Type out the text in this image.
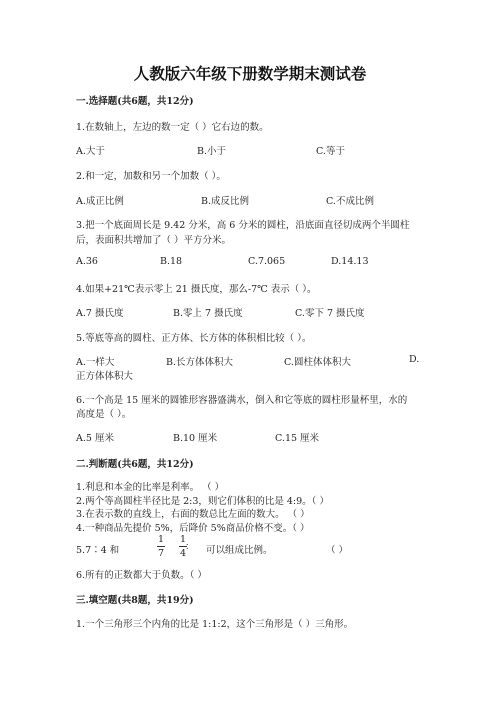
人教版六年级下册数学期末测试卷
一.选择题(共6题，共12分)
1.在数轴上，左边的数一定（ ）它右边的数。
A.大于	B.小于	C.等于
2.和一定，加数和另一个加数（ ）。
A.成正比例	B.成反比例	C.不成比例
3.把一个底面周长是 9.42 分米，高 6 分米的圆柱，沿底面直径切成两个半圆柱
后，表面积共增加了（ ）平方分米。
A.36	B.18	C.7.065	D.14.13
4.如果+21℃表示零上 21 摄氏度，那么-7℃ 表示（ ）。
A.7 摄氏度	B.零上 7 摄氏度	C.零下 7 摄氏度
5.等底等高的圆柱、正方体、长方体的体积相比较（ ）。
A.一样大	B.长方体体积大	C.圆柱体体积大	D.
正方体体积大
6.一个高是 15 厘米的圆锥形容器盛满水，倒入和它等底的圆柱形量杯里，水的
高度是（ ）。
A.5 厘米	B.10 厘米	C.15 厘米
二.判断题(共6题，共12分)
1.利息和本金的比率是利率。 （ ）
2.两个等高圆柱半径比是 2:3，则它们体积的比是 4:9。（ ）
3.在表示数的直线上，右面的数总比左面的数大。 （ ）
4.一种商品先提价 5%，后降价 5%商品价格不变。（ ）
5.7∶4 和
1
7
∶
1
4 可以组成比例。	（ ）
6.所有的正数都大于负数。（ ）
三.填空题(共8题，共19分)
1.一个三角形三个内角的比是 1:1:2，这个三角形是（ ）三角形。
